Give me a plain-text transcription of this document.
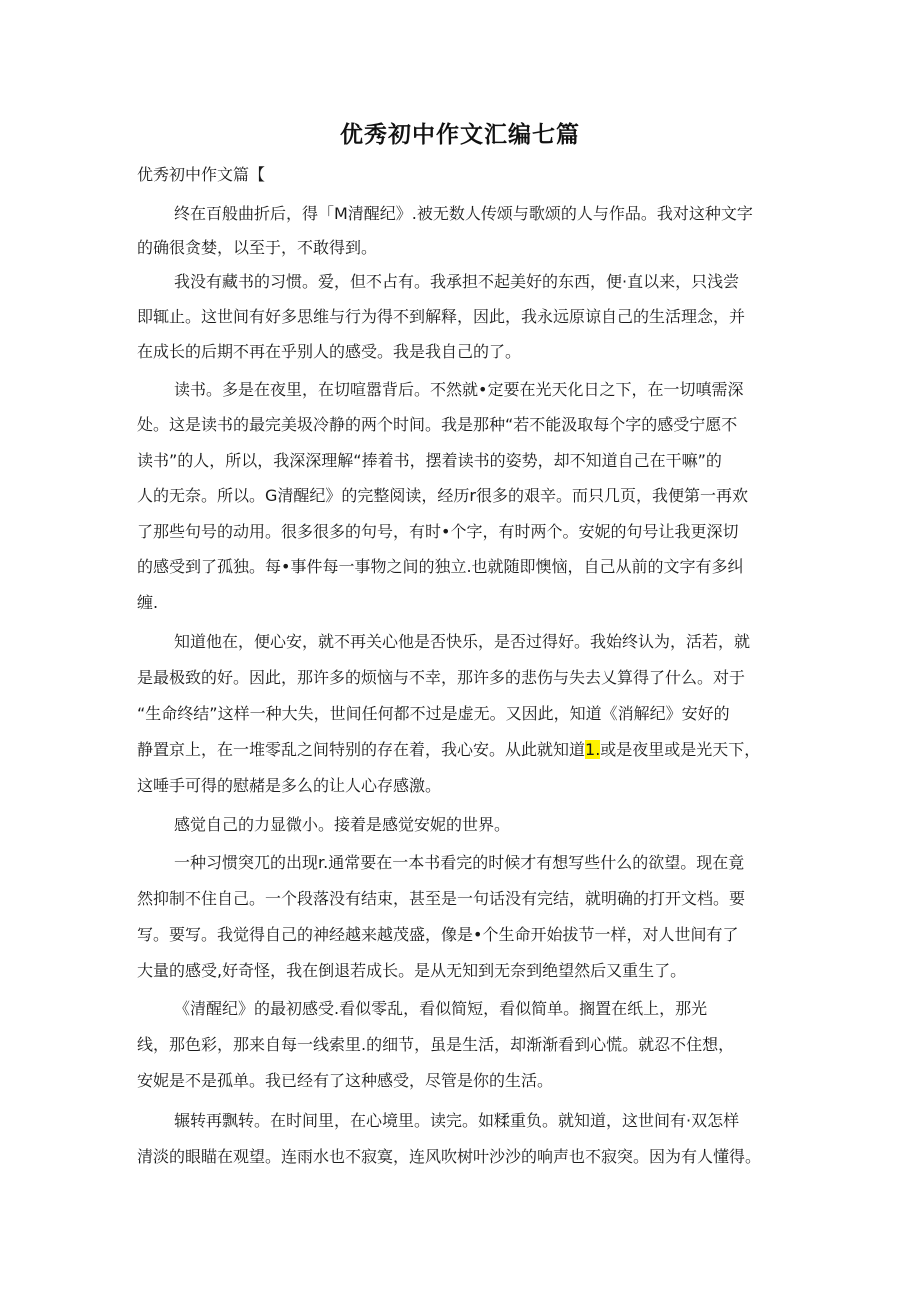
优秀初中作文汇编七篇
优秀初中作文篇【
终在百般曲折后，得「M清醒纪》.被无数人传颂与歌颂的人与作品。我对这种文字
的确很贪婪，以至于，不敢得到。
我没有藏书的习惯。爱，但不占有。我承担不起美好的东西，便·直以来，只浅尝
即辄止。这世间有好多思维与行为得不到解释，因此，我永远原谅自己的生活理念，并
在成长的后期不再在乎别人的感受。我是我自己的了。
读书。多是在夜里，在切喧嚣背后。不然就•定要在光天化日之下，在一切嗔需深
处。这是读书的最完美圾冷静的两个时间。我是那种“若不能汲取每个字的感受宁愿不
读书”的人，所以，我深深理解“捧着书，摆着读书的姿势，却不知道自己在干嘛”的
人的无奈。所以。G清醒纪》的完整阅读，经历r很多的艰辛。而只几页，我便第一再欢
了那些句号的动用。很多很多的句号，有时•个字，有时两个。安妮的句号让我更深切
的感受到了孤独。每•事件每一事物之间的独立.也就随即懊恼，自己从前的文字有多纠
缠.
知道他在，便心安，就不再关心他是否快乐，是否过得好。我始终认为，活若，就
是最极致的好。因此，那许多的烦恼与不幸，那许多的悲伤与失去乂算得了什么。对于
“生命终结”这样一种大失，世间任何都不过是虚无。又因此，知道《消解纪》安好的
静置京上，在一堆零乱之间特别的存在着，我心安。从此就知道1.或是夜里或是光天下，
这唾手可得的慰赭是多么的让人心存感激。
感觉自己的力显微小。接着是感觉安妮的世界。
一种习惯突兀的出现r.通常要在一本书看完的时候才有想写些什么的欲望。现在竟
然抑制不住自己。一个段落没有结束，甚至是一句话没有完结，就明确的打开文档。要
写。要写。我觉得自己的神经越来越茂盛，像是•个生命开始拔节一样，对人世间有了
大量的感受,好奇怪，我在倒退若成长。是从无知到无奈到绝望然后又重生了。
《清醒纪》的最初感受.看似零乱，看似简短，看似简单。搁置在纸上，那光
线，那色彩，那来自每一线索里.的细节，虽是生活，却渐渐看到心慌。就忍不住想，
安妮是不是孤单。我已经有了这种感受，尽管是你的生活。
辗转再飘转。在时间里，在心境里。读完。如糅重负。就知道，这世间有·双怎样
清淡的眼瞄在观望。连雨水也不寂寞，连风吹树叶沙沙的响声也不寂突。因为有人懂得。
